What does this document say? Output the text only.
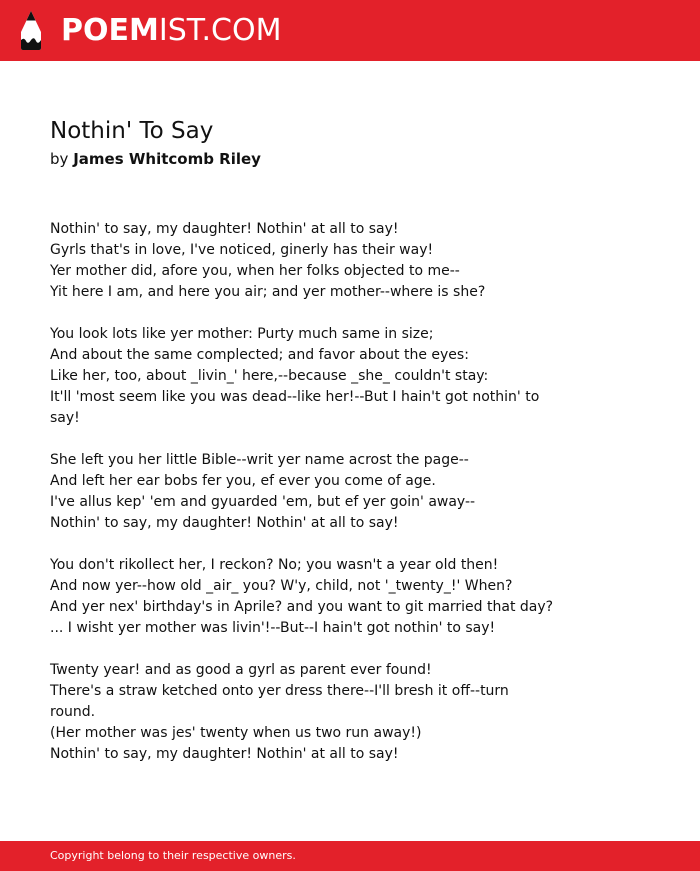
POEMIST.COM
Nothin' To Say

by James Whitcomb Riley

Nothin' to say, my daughter! Nothin' at all to say!
Gyrls that's in love, I've noticed, ginerly has their way!
Yer mother did, afore you, when her folks objected to me--
Yit here I am, and here you air; and yer mother--where is she?
You look lots like yer mother: Purty much same in size;
And about the same complected; and favor about the eyes:
Like her, too, about _livin_' here,--because _she_ couldn't stay:
It'll 'most seem like you was dead--like her!--But I hain't got nothin' to say!
She left you her little Bible--writ yer name acrost the page--
And left her ear bobs fer you, ef ever you come of age.
I've allus kep' 'em and gyuarded 'em, but ef yer goin' away--
Nothin' to say, my daughter! Nothin' at all to say!
You don't rikollect her, I reckon? No; you wasn't a year old then!
And now yer--how old _air_ you? W'y, child, not '_twenty_!' When?
And yer nex' birthday's in Aprile? and you want to git married that day?
... I wisht yer mother was livin'!--But--I hain't got nothin' to say!
Twenty year! and as good a gyrl as parent ever found!
There's a straw ketched onto yer dress there--I'll bresh it off--turn round.
(Her mother was jes' twenty when us two run away!)
Nothin' to say, my daughter! Nothin' at all to say!
Copyright belong to their respective owners.
